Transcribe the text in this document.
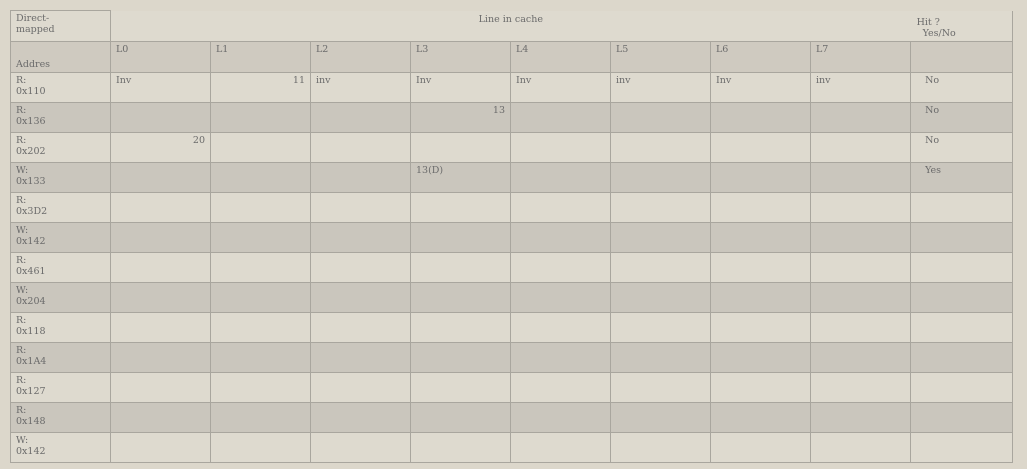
Direct-
mapped	Line in cache								Hit ?
Yes/No

Addres	L0	L1	L2	L3	L4	L5	L6	L7	

R:
0x110	Inv	11	inv	Inv	Inv	inv	Inv	inv	No

R:
0x136				13					No

R:
0x202	20								No

W:
0x133				13(D)					Yes

R:
0x3D2									

W:
0x142									

R:
0x461									

W:
0x204									

R:
0x118									

R:
0x1A4									

R:
0x127									

R:
0x148									

W:
0x142									
